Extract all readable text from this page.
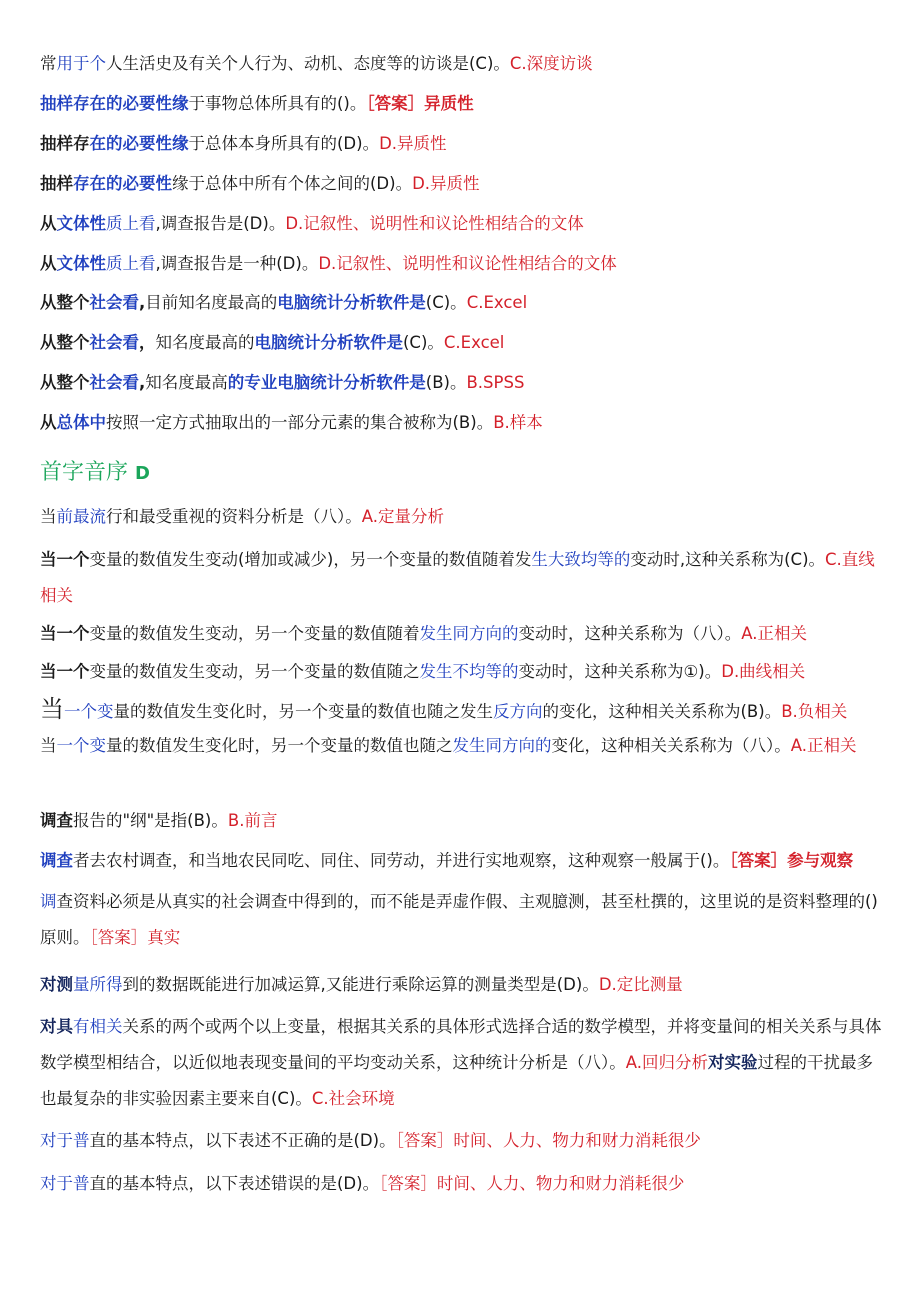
常用于个人生活史及有关个人行为、动机、态度等的访谈是(C)。C.深度访谈
抽样存在的必要性缘于事物总体所具有的()。［答案］异质性
抽样存在的必要性缘于总体本身所具有的(D)。D.异质性
抽样存在的必要性缘于总体中所有个体之间的(D)。D.异质性
从文体性质上看,调查报告是(D)。D.记叙性、说明性和议论性相结合的文体
从文体性质上看,调查报告是一种(D)。D.记叙性、说明性和议论性相结合的文体
从整个社会看,目前知名度最高的电脑统计分析软件是(C)。C.Excel
从整个社会看，知名度最高的电脑统计分析软件是(C)。C.Excel
从整个社会看,知名度最高的专业电脑统计分析软件是(B)。B.SPSS
从总体中按照一定方式抽取出的一部分元素的集合被称为(B)。B.样本
首字音序 D
当前最流行和最受重视的资料分析是（八）。A.定量分析
当一个变量的数值发生变动(增加或减少)，另一个变量的数值随着发生大致均等的变动时,这种关系称为(C)。C.直线相关
当一个变量的数值发生变动，另一个变量的数值随着发生同方向的变动时，这种关系称为（八）。A.正相关
当一个变量的数值发生变动，另一个变量的数值随之发生不均等的变动时，这种关系称为①)。D.曲线相关
当一个变量的数值发生变化时，另一个变量的数值也随之发生反方向的变化，这种相关关系称为(B)。B.负相关
当一个变量的数值发生变化时，另一个变量的数值也随之发生同方向的变化，这种相关关系称为（八）。A.正相关
调查报告的"纲"是指(B)。B.前言
调查者去农村调查，和当地农民同吃、同住、同劳动，并进行实地观察，这种观察一般属于()。［答案］参与观察
调查资料必须是从真实的社会调查中得到的，而不能是弄虚作假、主观臆测，甚至杜撰的，这里说的是资料整理的()原则。［答案］真实
对测量所得到的数据既能进行加减运算,又能进行乘除运算的测量类型是(D)。D.定比测量
对具有相关关系的两个或两个以上变量，根据其关系的具体形式选择合适的数学模型，并将变量间的相关关系与具体数学模型相结合，以近似地表现变量间的平均变动关系，这种统计分析是（八）。A.回归分析对实验过程的干扰最多也最复杂的非实验因素主要来自(C)。C.社会环境
对于普直的基本特点，以下表述不正确的是(D)。［答案］时间、人力、物力和财力消耗很少
对于普直的基本特点，以下表述错误的是(D)。［答案］时间、人力、物力和财力消耗很少
